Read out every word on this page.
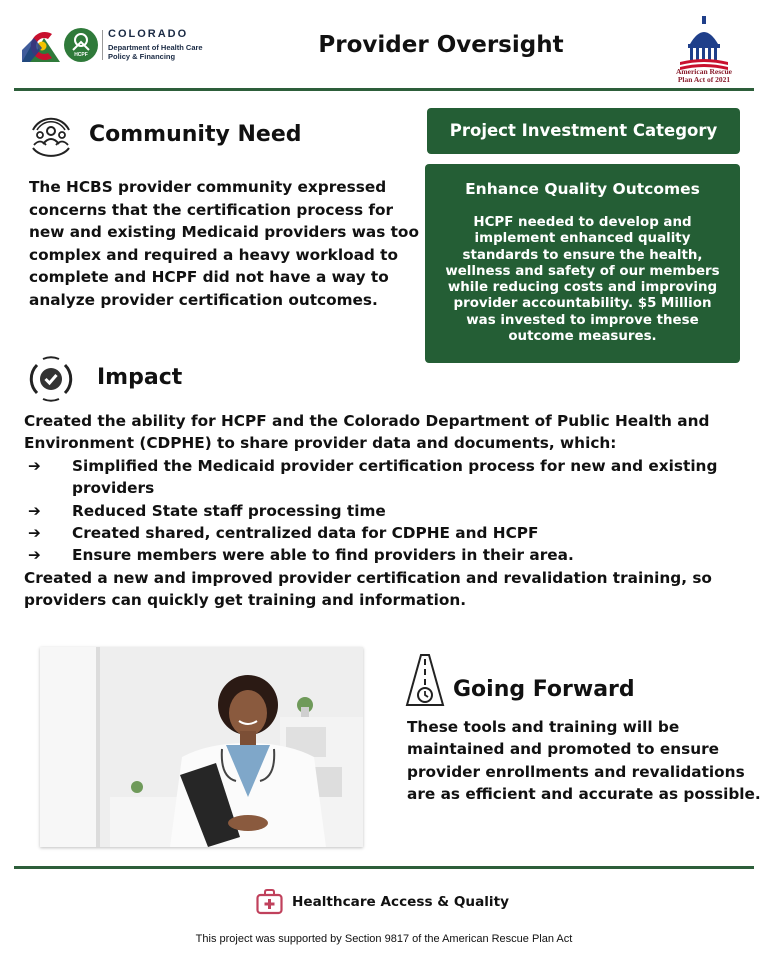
HCPF
COLORADO
Department of Health Care
Policy & Financing	Provider Oversight
American Rescue
Plan Act of 2021
Community Need
The HCBS provider community expressed concerns that the certification process for new and existing Medicaid providers was too complex and required a heavy workload to complete and HCPF did not have a way to analyze provider certification outcomes.
Project Investment Category
Enhance Quality Outcomes
HCPF needed to develop and implement enhanced quality standards to ensure the health, wellness and safety of our members while reducing costs and improving provider accountability. $5 Million was invested to improve these outcome measures.
Impact

Created the ability for HCPF and the Colorado Department of Public Health and Environment (CDPHE) to share provider data and documents, which:

➔ Simplified the Medicaid provider certification process for new and existing providers
➔ Reduced State staff processing time
➔ Created shared, centralized data for CDPHE and HCPF
➔ Ensure members were able to find providers in their area.

Created a new and improved provider certification and revalidation training, so providers can quickly get training and information.

Going Forward
These tools and training will be maintained and promoted to ensure provider enrollments and revalidations are as efficient and accurate as possible.
Healthcare Access & Quality
This project was supported by Section 9817 of the American Rescue Plan Act
